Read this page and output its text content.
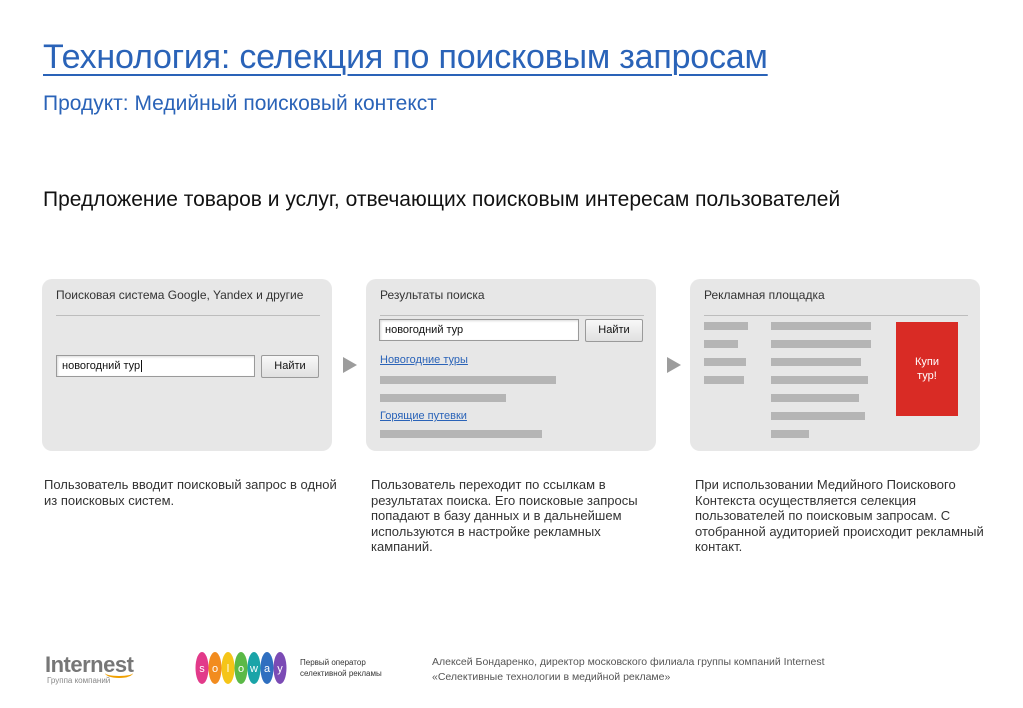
Технология: селекция по поисковым запросам
Продукт: Медийный поисковый контекст
Предложение товаров и услуг, отвечающих поисковым интересам пользователей
Поисковая система Google, Yandex и другие
новогодний тур	Найти
Результаты поиска
новогодний тур	Найти
Новогодние туры
Горящие путевки
Рекламная площадка
Купи тур!
Пользователь вводит поисковый запрос в одной из поисковых систем.
Пользователь переходит по ссылкам в результатах поиска. Его поисковые запросы попадают в базу данных и в дальнейшем используются в настройке рекламных кампаний.
При использовании Медийного Поискового Контекста осуществляется селекция пользователей по поисковым запросам. С отобранной аудиторией происходит рекламный контакт.
Internest
Группа компаний
s o l o w a y
Первый оператор селективной рекламы
Алексей Бондаренко, директор московского филиала группы компаний Internest
«Селективные технологии в медийной рекламе»
